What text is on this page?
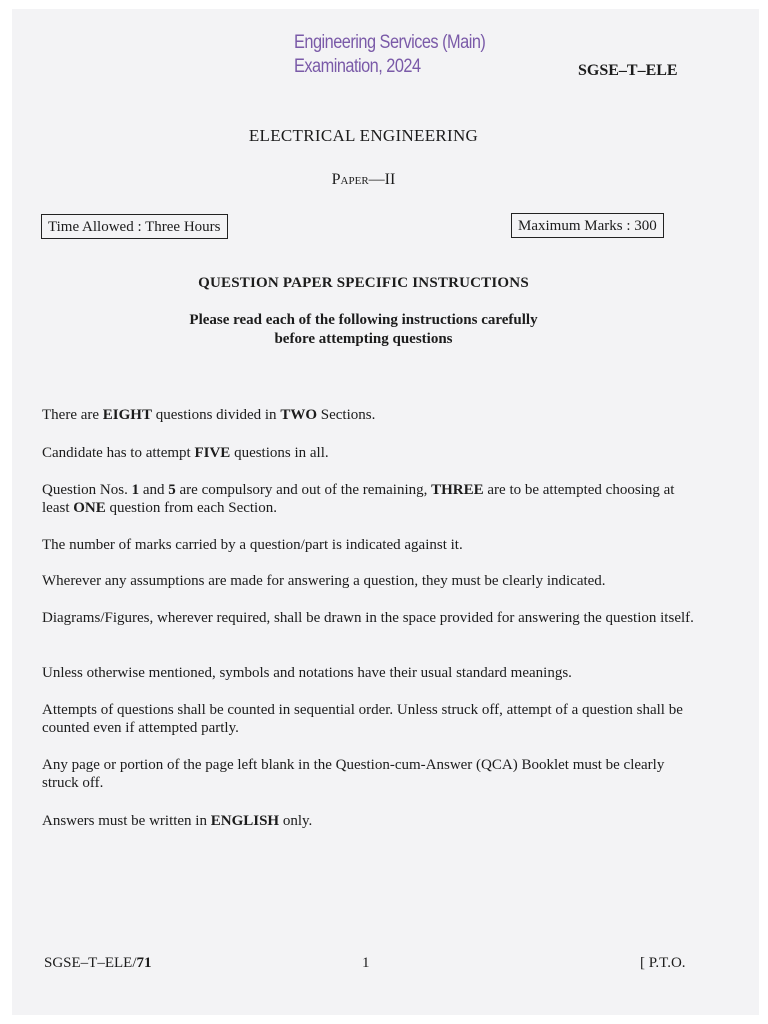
Engineering Services (Main)
Examination, 2024	SGSE–T–ELE
ELECTRICAL ENGINEERING
Paper—II
Time Allowed : Three Hours	Maximum Marks : 300
QUESTION PAPER SPECIFIC INSTRUCTIONS
Please read each of the following instructions carefully
before attempting questions
There are EIGHT questions divided in TWO Sections.
Candidate has to attempt FIVE questions in all.
Question Nos. 1 and 5 are compulsory and out of the remaining, THREE are to be attempted choosing at least ONE question from each Section.
The number of marks carried by a question/part is indicated against it.
Wherever any assumptions are made for answering a question, they must be clearly indicated.
Diagrams/Figures, wherever required, shall be drawn in the space provided for answering the question itself.
Unless otherwise mentioned, symbols and notations have their usual standard meanings.
Attempts of questions shall be counted in sequential order. Unless struck off, attempt of a question shall be counted even if attempted partly.
Any page or portion of the page left blank in the Question-cum-Answer (QCA) Booklet must be clearly struck off.
Answers must be written in ENGLISH only.
SGSE–T–ELE/71	1	[ P.T.O.
